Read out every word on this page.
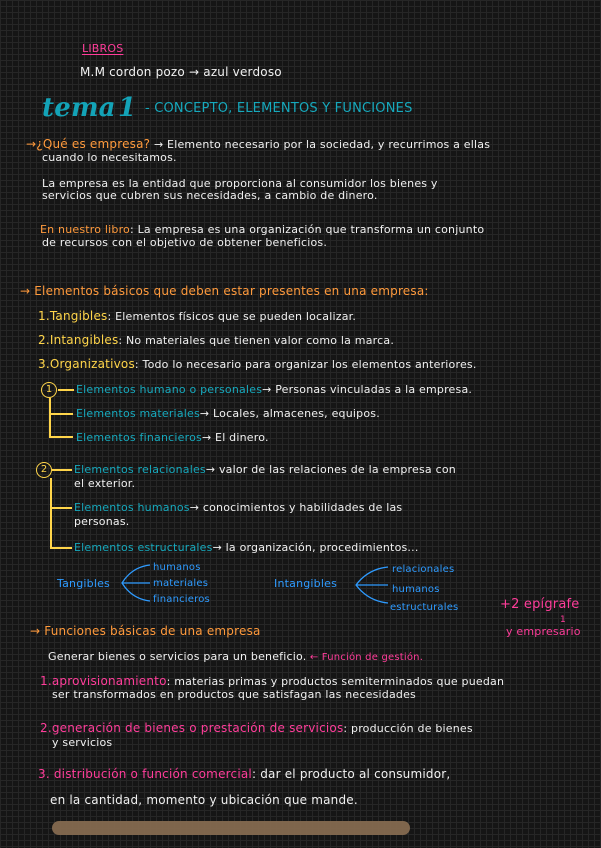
LIBROS
M.M cordon pozo → azul verdoso
tema 1 - CONCEPTO, ELEMENTOS Y FUNCIONES
→¿Qué es empresa? → Elemento necesario por la sociedad, y recurrimos a ellas
cuando lo necesitamos.
La empresa es la entidad que proporciona al consumidor los bienes y
servicios que cubren sus necesidades, a cambio de dinero.
En nuestro libro: La empresa es una organización que transforma un conjunto
de recursos con el objetivo de obtener beneficios.
→ Elementos básicos que deben estar presentes en una empresa:
1.Tangibles: Elementos físicos que se pueden localizar.
2.Intangibles: No materiales que tienen valor como la marca.
3.Organizativos: Todo lo necesario para organizar los elementos anteriores.
1	Elementos humano o personales→ Personas vinculadas a la empresa.
Elementos materiales→ Locales, almacenes, equipos.
Elementos financieros→ El dinero.
2	Elementos relacionales→ valor de las relaciones de la empresa con
el exterior.
Elementos humanos→ conocimientos y habilidades de las
personas.
Elementos estructurales→ la organización, procedimientos...
Tangibles
humanos
materiales
financieros
Intangibles
relacionales
humanos
estructurales	+2 epígrafe
1
y empresario
→ Funciones básicas de una empresa
Generar bienes o servicios para un beneficio. ← Función de gestión.
1.aprovisionamiento: materias primas y productos semiterminados que puedan
ser transformados en productos que satisfagan las necesidades
2.generación de bienes o prestación de servicios: producción de bienes
y servicios
3. distribución o función comercial: dar el producto al consumidor,
en la cantidad, momento y ubicación que mande.
